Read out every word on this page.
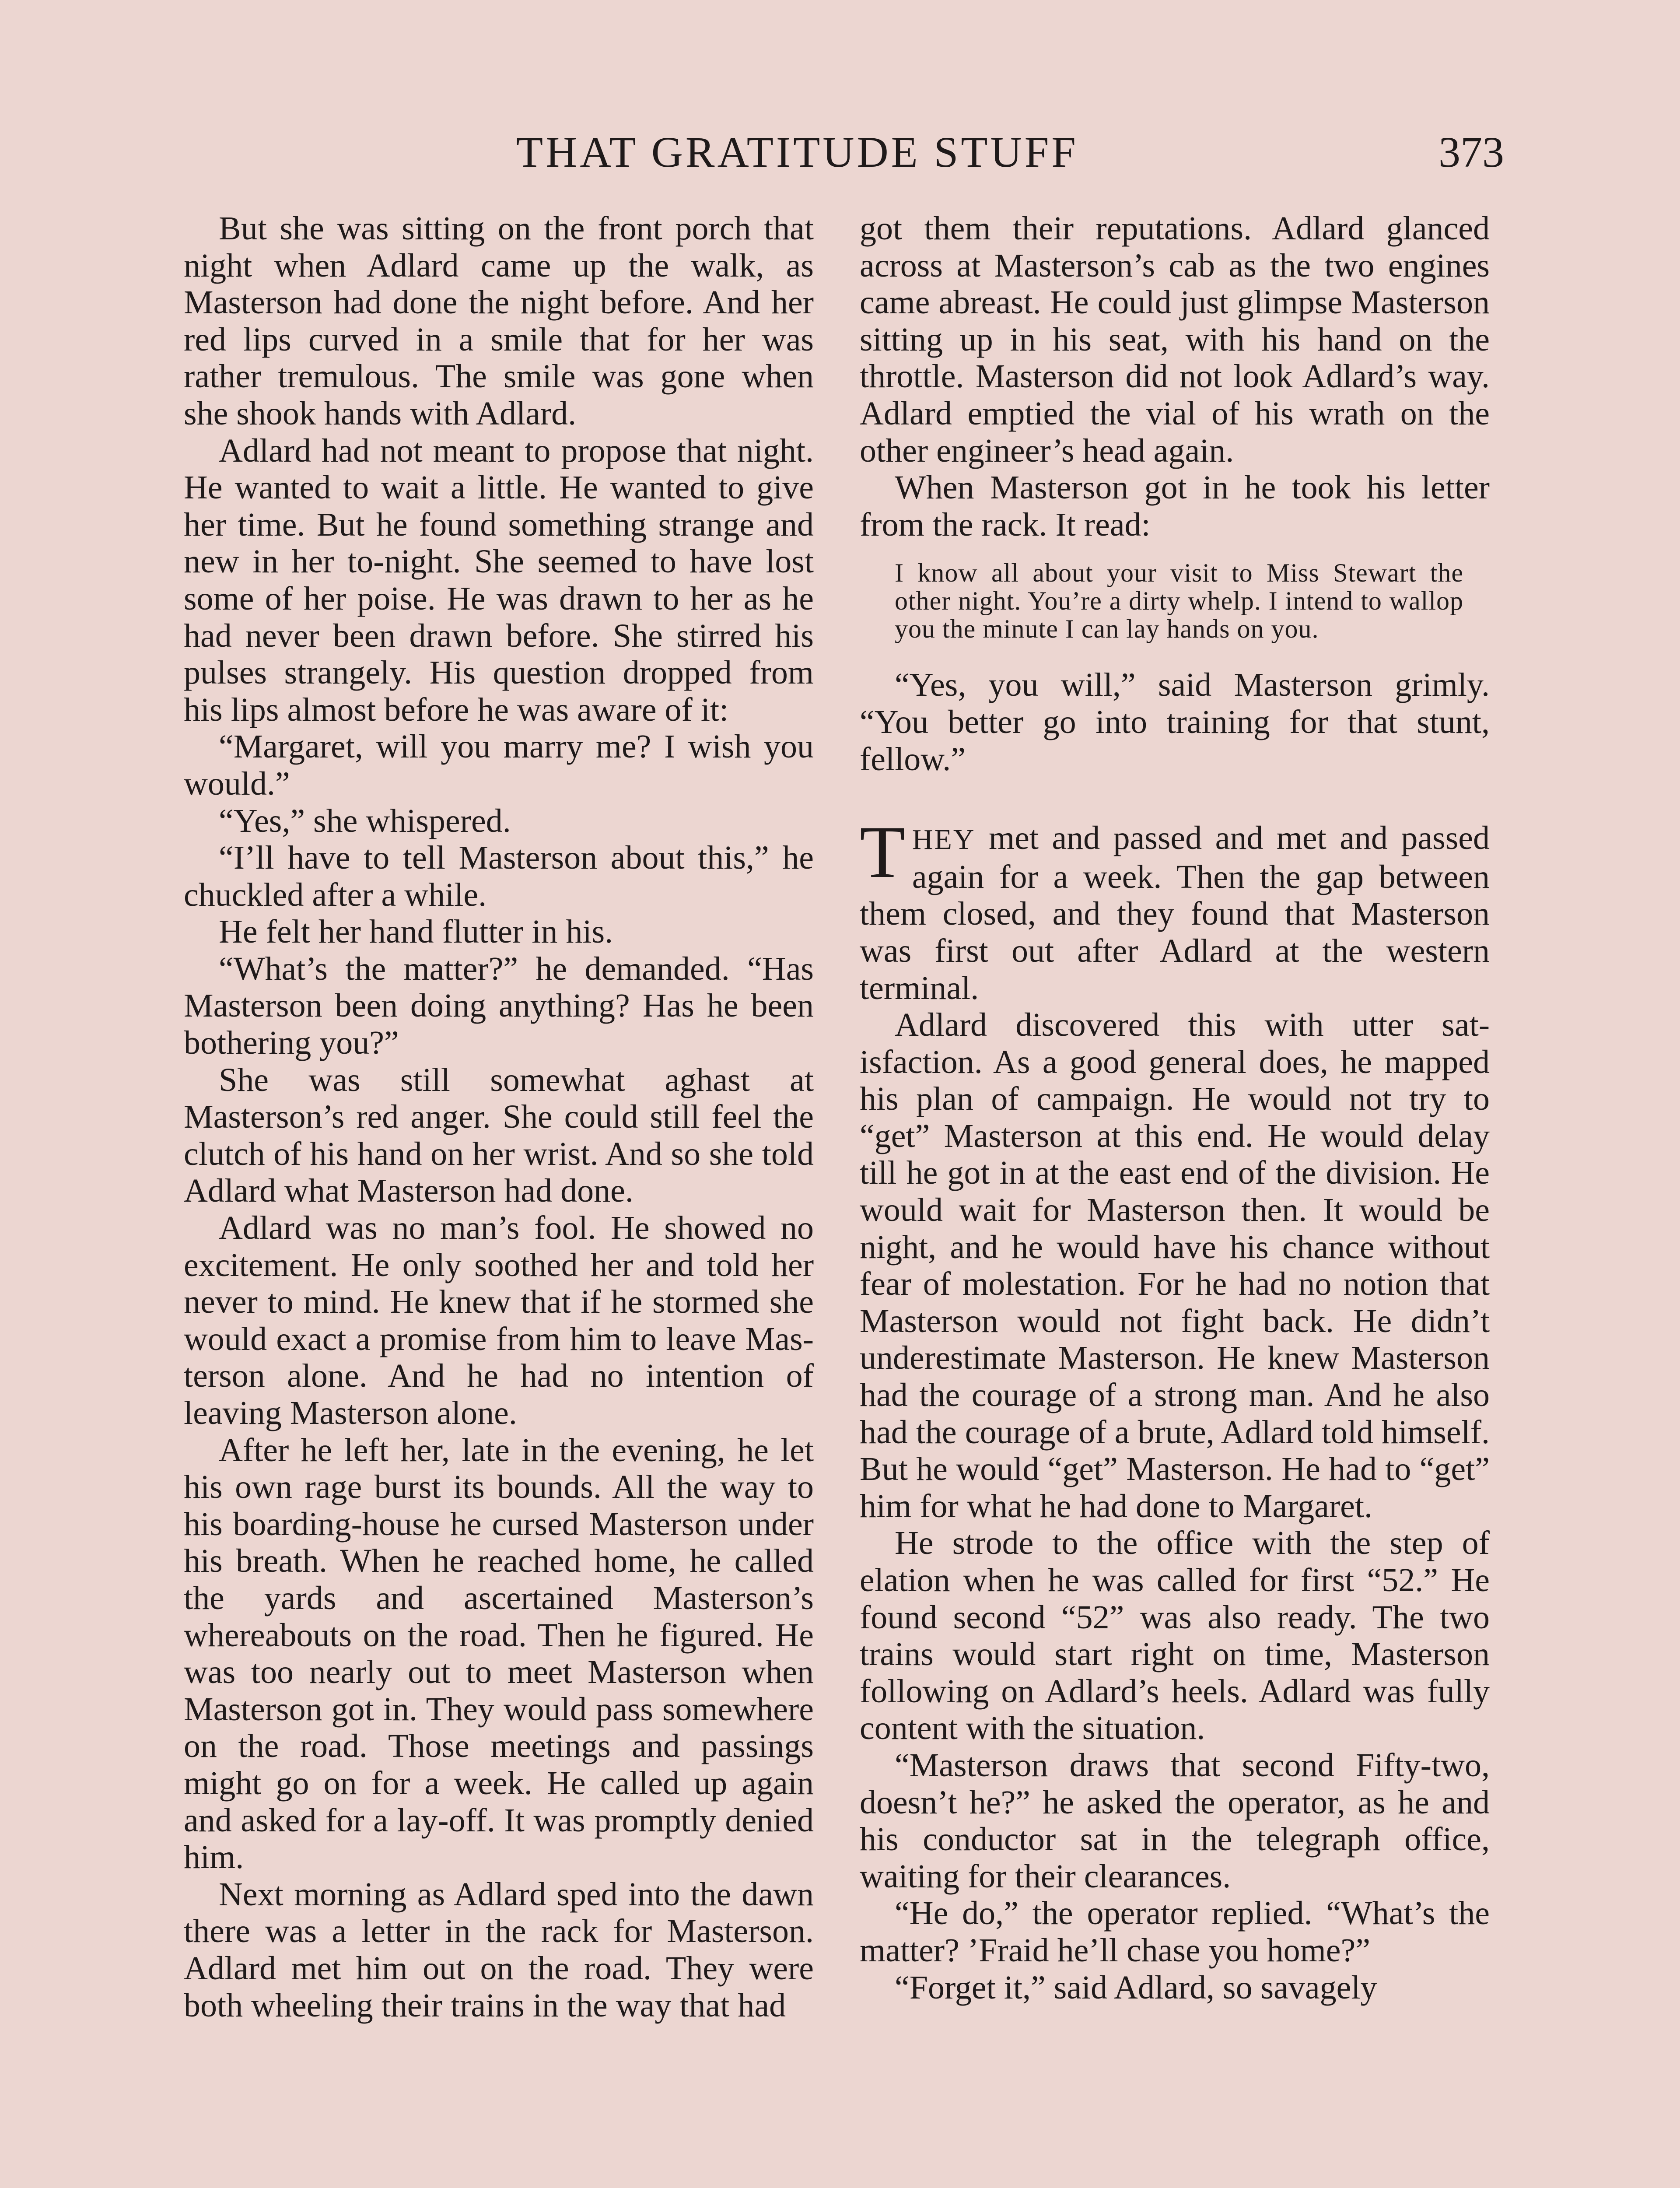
THAT GRATITUDE STUFF	373

But she was sitting on the front porch that night when Adlard came up the walk, as Masterson had done the night before. And her red lips curved in a smile that for her was rather tremulous. The smile was gone when she shook hands with Adlard.

Adlard had not meant to propose that night. He wanted to wait a little. He wanted to give her time. But he found something strange and new in her to-night. She seemed to have lost some of her poise. He was drawn to her as he had never been drawn before. She stirred his pulses strangely. His question dropped from his lips almost before he was aware of it:

“Margaret, will you marry me? I wish you would.”

“Yes,” she whispered.

“I’ll have to tell Masterson about this,” he chuckled after a while.

He felt her hand flutter in his.

“What’s the matter?” he demanded. “Has Masterson been doing anything? Has he been bothering you?”

She was still somewhat aghast at Masterson’s red anger. She could still feel the clutch of his hand on her wrist. And so she told Adlard what Masterson had done.

Adlard was no man’s fool. He showed no excitement. He only soothed her and told her never to mind. He knew that if he stormed she would exact a promise from him to leave Masterson alone. And he had no intention of leaving Masterson alone.

After he left her, late in the evening, he let his own rage burst its bounds. All the way to his boarding-house he cursed Masterson under his breath. When he reached home, he called the yards and ascertained Masterson’s whereabouts on the road. Then he figured. He was too nearly out to meet Masterson when Masterson got in. They would pass somewhere on the road. Those meetings and passings might go on for a week. He called up again and asked for a lay-off. It was promptly denied him.

Next morning as Adlard sped into the dawn there was a letter in the rack for Masterson. Adlard met him out on the road. They were both wheeling their trains in the way that had

got them their reputations. Adlard glanced across at Masterson’s cab as the two engines came abreast. He could just glimpse Masterson sitting up in his seat, with his hand on the throttle. Masterson did not look Adlard’s way. Adlard emptied the vial of his wrath on the other engineer’s head again.

When Masterson got in he took his letter from the rack. It read:

I know all about your visit to Miss Stewart the other night. You’re a dirty whelp. I intend to wallop you the minute I can lay hands on you.

“Yes, you will,” said Masterson grimly. “You better go into training for that stunt, fellow.”

THEY met and passed and met and passed again for a week. Then the gap between them closed, and they found that Masterson was first out after Adlard at the western terminal.

Adlard discovered this with utter satisfaction. As a good general does, he mapped his plan of campaign. He would not try to “get” Masterson at this end. He would delay till he got in at the east end of the division. He would wait for Masterson then. It would be night, and he would have his chance without fear of molestation. For he had no notion that Masterson would not fight back. He didn’t underestimate Masterson. He knew Masterson had the courage of a strong man. And he also had the courage of a brute, Adlard told himself. But he would “get” Masterson. He had to “get” him for what he had done to Margaret.

He strode to the office with the step of elation when he was called for first “52.” He found second “52” was also ready. The two trains would start right on time, Masterson following on Adlard’s heels. Adlard was fully content with the situation.

“Masterson draws that second Fifty-two, doesn’t he?” he asked the operator, as he and his conductor sat in the telegraph office, waiting for their clearances.

“He do,” the operator replied. “What’s the matter? ’Fraid he’ll chase you home?”

“Forget it,” said Adlard, so savagely
